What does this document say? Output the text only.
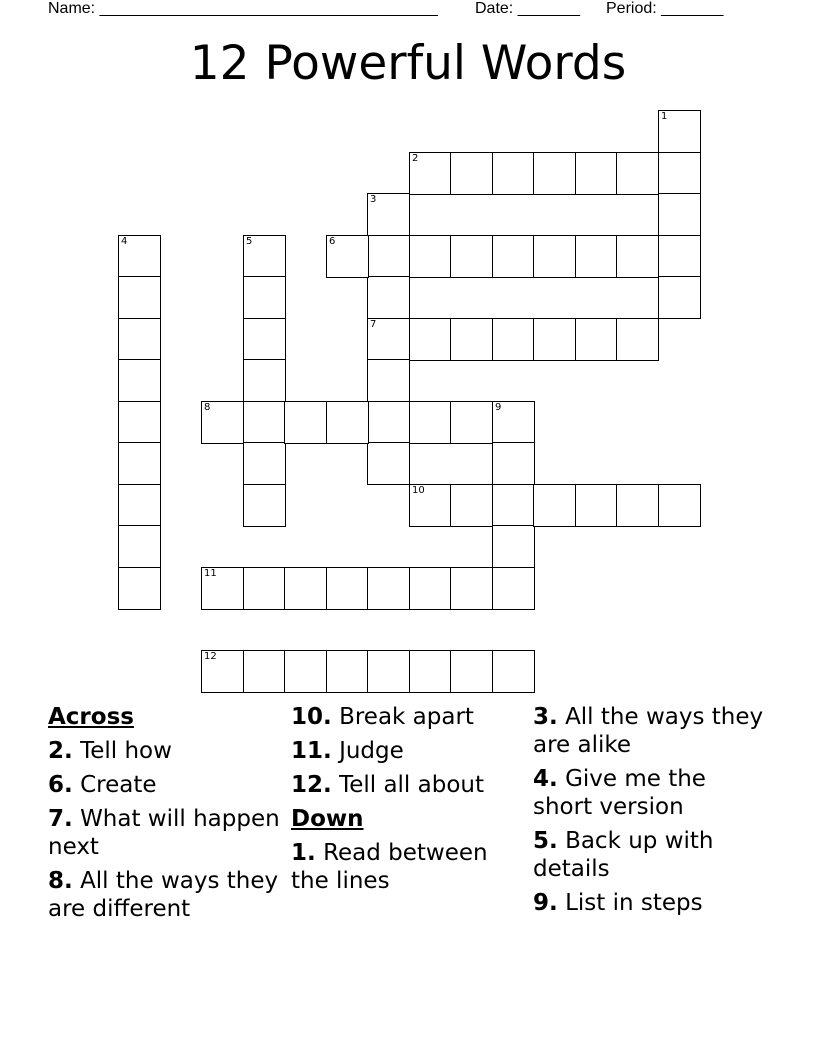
Name: ______________________________________ Date: _______ Period: _______
12 Powerful Words
1
2
3
7
4	5	6
8	9
10
11
12
Across
2. Tell how
6. Create
7. What will happen next
8. All the ways they are different
10. Break apart
11. Judge
12. Tell all about
Down
1. Read between the lines
3. All the ways they are alike
4. Give me the short version
5. Back up with details
9. List in steps
